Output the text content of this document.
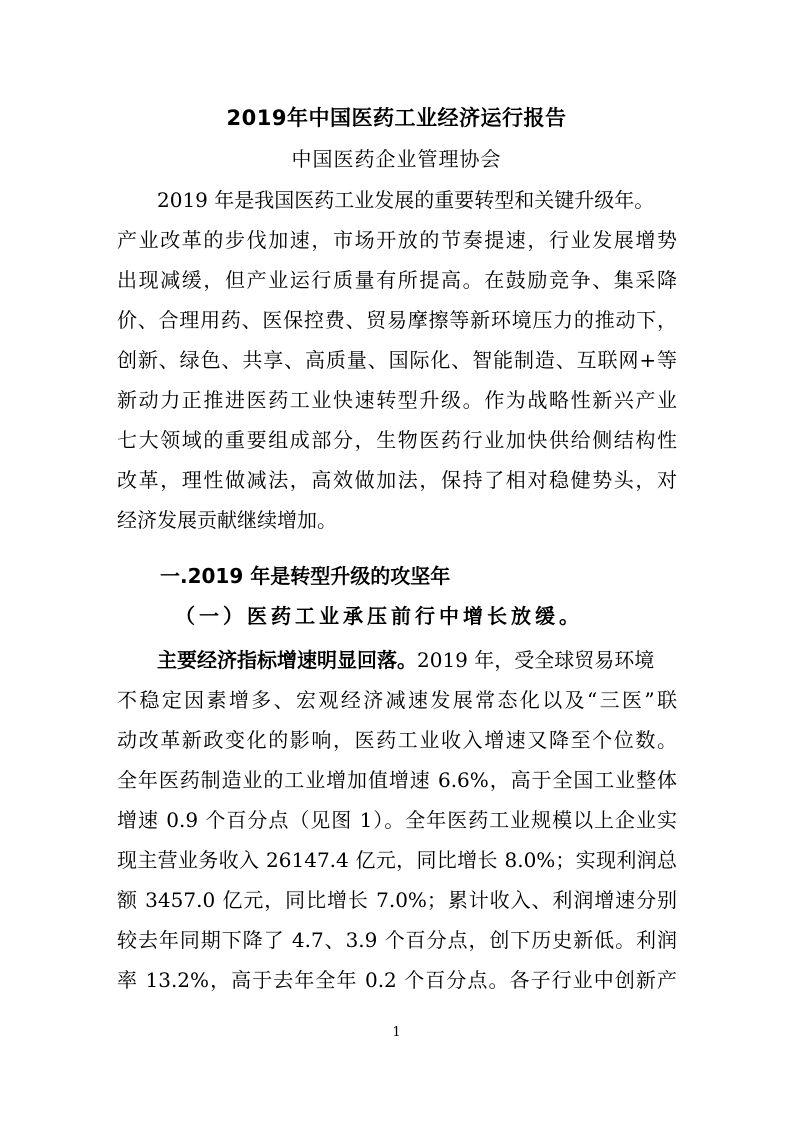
2019年中国医药工业经济运行报告
中国医药企业管理协会
2019 年是我国医药工业发展的重要转型和关键升级年。
产业改革的步伐加速，市场开放的节奏提速，行业发展增势
出现减缓，但产业运行质量有所提高。在鼓励竞争、集采降
价、合理用药、医保控费、贸易摩擦等新环境压力的推动下，
创新、绿色、共享、高质量、国际化、智能制造、互联网+等
新动力正推进医药工业快速转型升级。作为战略性新兴产业
七大领域的重要组成部分，生物医药行业加快供给侧结构性
改革，理性做减法，高效做加法，保持了相对稳健势头，对
经济发展贡献继续增加。
一.2019 年是转型升级的攻坚年
（一）医药工业承压前行中增长放缓。
主要经济指标增速明显回落。2019 年，受全球贸易环境
不稳定因素增多、宏观经济减速发展常态化以及“三医”联
动改革新政变化的影响，医药工业收入增速又降至个位数。
全年医药制造业的工业增加值增速 6.6%，高于全国工业整体
增速 0.9 个百分点（见图 1）。全年医药工业规模以上企业实
现主营业务收入 26147.4 亿元，同比增长 8.0%；实现利润总
额 3457.0 亿元，同比增长 7.0%；累计收入、利润增速分别
较去年同期下降了 4.7、3.9 个百分点，创下历史新低。利润
率 13.2%，高于去年全年 0.2 个百分点。各子行业中创新产
1
